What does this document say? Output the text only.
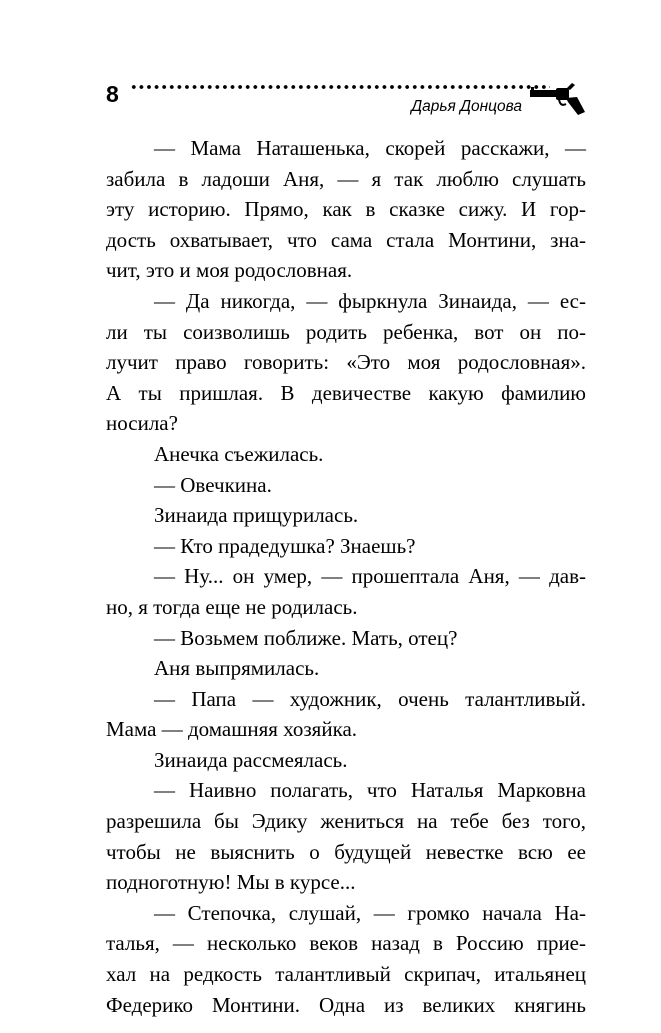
8	Дарья Донцова
— Мама Наташенька, скорей расскажи, —
забила в ладоши Аня, — я так люблю слушать
эту историю. Прямо, как в сказке сижу. И гор-
дость охватывает, что сама стала Монтини, зна-
чит, это и моя родословная.
— Да никогда, — фыркнула Зинаида, — ес-
ли ты соизволишь родить ребенка, вот он по-
лучит право говорить: «Это моя родословная».
А ты пришлая. В девичестве какую фамилию
носила?
Анечка съежилась.
— Овечкина.
Зинаида прищурилась.
— Кто прадедушка? Знаешь?
— Ну... он умер, — прошептала Аня, — дав-
но, я тогда еще не родилась.
— Возьмем поближе. Мать, отец?
Аня выпрямилась.
— Папа — художник, очень талантливый.
Мама — домашняя хозяйка.
Зинаида рассмеялась.
— Наивно полагать, что Наталья Марковна
разрешила бы Эдику жениться на тебе без того,
чтобы не выяснить о будущей невестке всю ее
подноготную! Мы в курсе...
— Степочка, слушай, — громко начала На-
талья, — несколько веков назад в Россию прие-
хал на редкость талантливый скрипач, итальянец
Федерико Монтини. Одна из великих княгинь
